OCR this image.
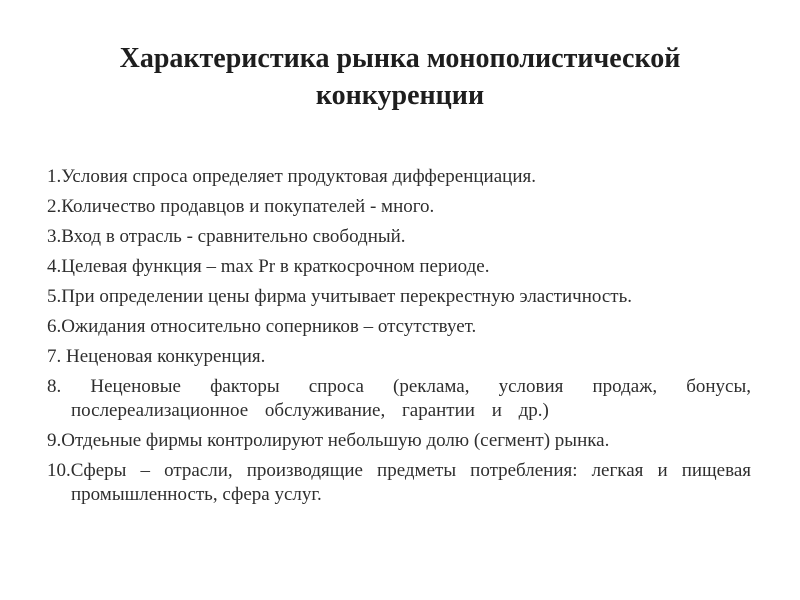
Характеристика рынка монополистической конкуренции
1.Условия спроса определяет продуктовая дифференциация.
2.Количество продавцов и покупателей - много.
3.Вход в отрасль - сравнительно свободный.
4.Целевая функция – max Pr в краткосрочном периоде.
5.При определении цены фирма учитывает перекрестную эластичность.
6.Ожидания относительно соперников – отсутствует.
7. Неценовая конкуренция.
8. Неценовые факторы спроса (реклама, условия продаж, бонусы, послереализационное обслуживание, гарантии и др.)
9.Отдеьные фирмы контролируют небольшую долю (сегмент) рынка.
10.Сферы – отрасли, производящие предметы потребления: легкая и пищевая промышленность, сфера услуг.
